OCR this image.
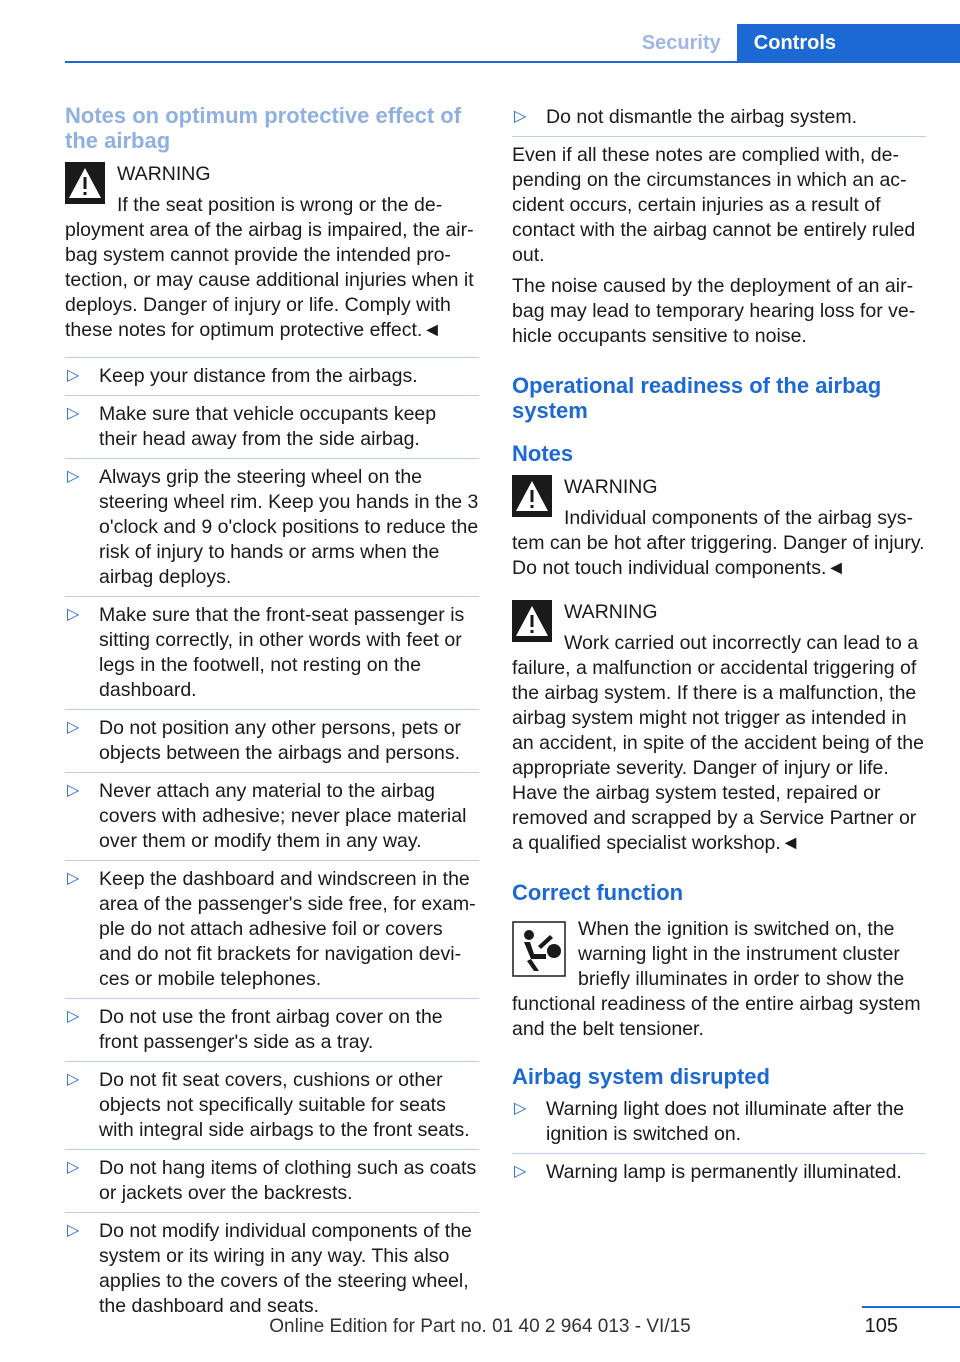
Security	Controls
Notes on optimum protective effect of the airbag
WARNING
If the seat position is wrong or the deployment area of the airbag is impaired, the airbag system cannot provide the intended protection, or may cause additional injuries when it deploys. Danger of injury or life. Comply with these notes for optimum protective effect.◄
▷ Keep your distance from the airbags.
▷ Make sure that vehicle occupants keep their head away from the side airbag.
▷ Always grip the steering wheel on the steering wheel rim. Keep you hands in the 3 o'clock and 9 o'clock positions to reduce the risk of injury to hands or arms when the airbag deploys.
▷ Make sure that the front-seat passenger is sitting correctly, in other words with feet or legs in the footwell, not resting on the dashboard.
▷ Do not position any other persons, pets or objects between the airbags and persons.
▷ Never attach any material to the airbag covers with adhesive; never place material over them or modify them in any way.
▷ Keep the dashboard and windscreen in the area of the passenger's side free, for example do not attach adhesive foil or covers and do not fit brackets for navigation devices or mobile telephones.
▷ Do not use the front airbag cover on the front passenger's side as a tray.
▷ Do not fit seat covers, cushions or other objects not specifically suitable for seats with integral side airbags to the front seats.
▷ Do not hang items of clothing such as coats or jackets over the backrests.
▷ Do not modify individual components of the system or its wiring in any way. This also applies to the covers of the steering wheel, the dashboard and seats.
▷ Do not dismantle the airbag system.

Even if all these notes are complied with, depending on the circumstances in which an accident occurs, certain injuries as a result of contact with the airbag cannot be entirely ruled out.

The noise caused by the deployment of an airbag may lead to temporary hearing loss for vehicle occupants sensitive to noise.

Operational readiness of the airbag system
Notes
WARNING
Individual components of the airbag system can be hot after triggering. Danger of injury. Do not touch individual components.◄
WARNING
Work carried out incorrectly can lead to a failure, a malfunction or accidental triggering of the airbag system. If there is a malfunction, the airbag system might not trigger as intended in an accident, in spite of the accident being of the appropriate severity. Danger of injury or life. Have the airbag system tested, repaired or removed and scrapped by a Service Partner or a qualified specialist workshop.◄
Correct function
When the ignition is switched on, the warning light in the instrument cluster briefly illuminates in order to show the functional readiness of the entire airbag system and the belt tensioner.
Airbag system disrupted
▷ Warning light does not illuminate after the ignition is switched on.
▷ Warning lamp is permanently illuminated.
105
Online Edition for Part no. 01 40 2 964 013 - VI/15
